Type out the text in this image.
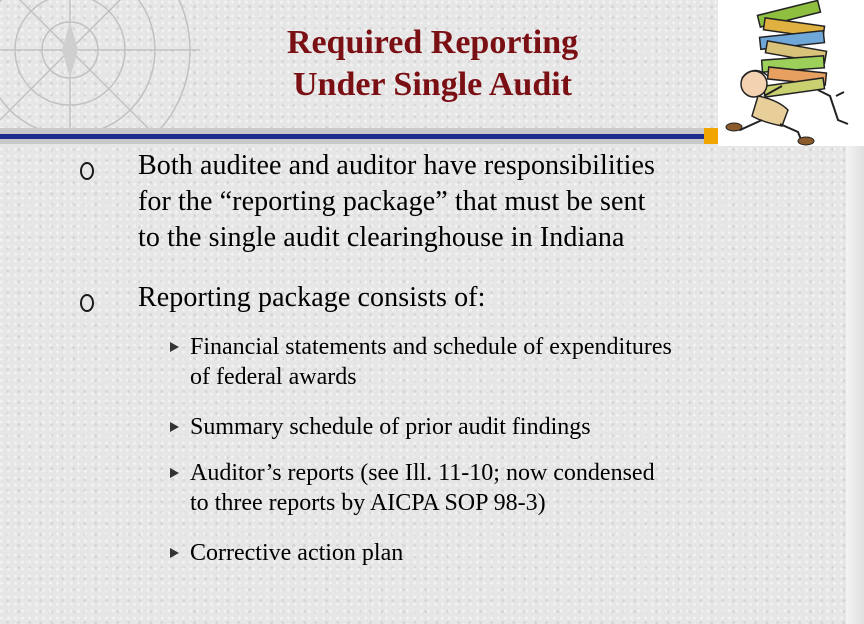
Required Reporting
Under Single Audit
Both auditee and auditor have responsibilities
for the “reporting package” that must be sent
to the single audit clearinghouse in Indiana
Reporting package consists of:
Financial statements and schedule of expenditures
of federal awards
Summary schedule of prior audit findings
Auditor’s reports (see Ill. 11-10; now condensed
to three reports by AICPA SOP 98-3)
Corrective action plan
